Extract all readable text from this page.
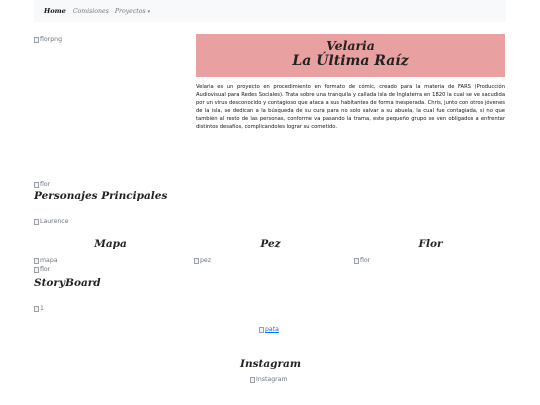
Home Comisiones Proyectos ▾
florpng	Velaria
La Última Raíz
Velaria es un proyecto en procedimiento en formato de cómic, creado para la materia de FARS (Producción Audiovisual para Redes Sociales). Trata sobre una tranquila y callada isla de Inglaterra en 1820 la cual se ve sacudida por un virus desconocido y contagioso que ataca a sus habitantes de forma inesperada. Chris, junto con otros jóvenes de la isla, se dedican a la búsqueda de su cura para no solo salvar a su abuela, la cual fue contagiada, si no que también al resto de las personas, conforme va pasando la trama, este pequeño grupo se ven obligados a enfrentar distintos desafíos, complicandoles lograr su cometido.
flor
Personajes Principales
Laurence
Mapa	Pez	Flor
mapa	pez	flor
flor
StoryBoard
1
pata
Instagram
Instagram
